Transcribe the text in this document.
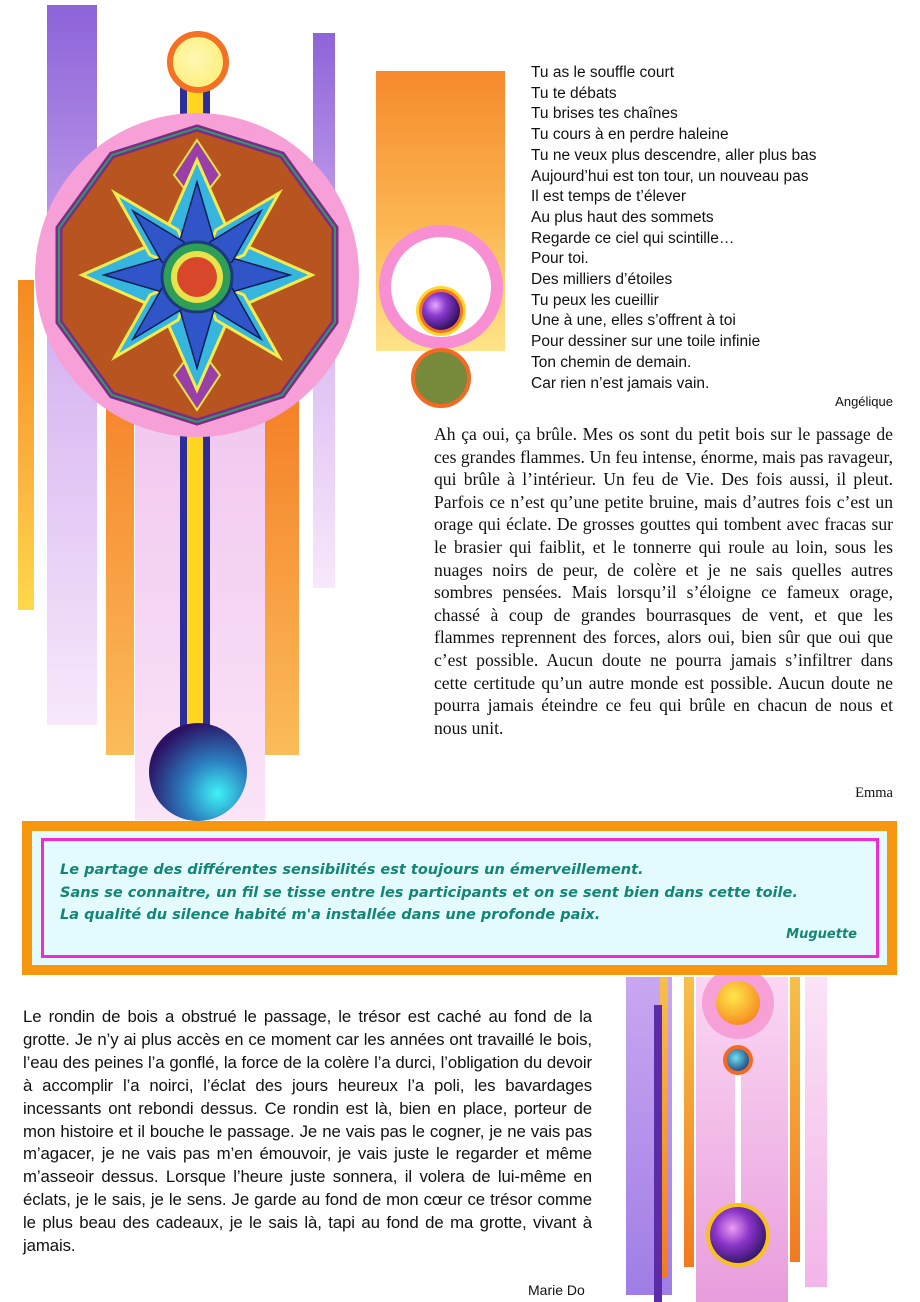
Tu as le souffle court
Tu te débats
Tu brises tes chaînes
Tu cours à en perdre haleine
Tu ne veux plus descendre, aller plus bas
Aujourd’hui est ton tour, un nouveau pas
Il est temps de t’élever
Au plus haut des sommets
Regarde ce ciel qui scintille…
Pour toi.
Des milliers d’étoiles
Tu peux les cueillir
Une à une, elles s’offrent à toi
Pour dessiner sur une toile infinie
Ton chemin de demain.
Car rien n’est jamais vain.
Angélique
Ah ça oui, ça brûle. Mes os sont du petit bois sur le passage de ces grandes flammes. Un feu intense, énorme, mais pas ravageur, qui brûle à l’intérieur. Un feu de Vie. Des fois aussi, il pleut. Parfois ce n’est qu’une petite bruine, mais d’autres fois c’est un orage qui éclate. De grosses gouttes qui tombent avec fracas sur le brasier qui faiblit, et le tonnerre qui roule au loin, sous les nuages noirs de peur, de colère et je ne sais quelles autres sombres pensées. Mais lorsqu’il s’éloigne ce fameux orage, chassé à coup de grandes bourrasques de vent, et que les flammes reprennent des forces, alors oui, bien sûr que oui que c’est possible. Aucun doute ne pourra jamais s’infiltrer dans cette certitude qu’un autre monde est possible. Aucun doute ne pourra jamais éteindre ce feu qui brûle en chacun de nous et nous unit.
Emma
Le partage des différentes sensibilités est toujours un émerveillement.
Sans se connaitre, un fil se tisse entre les participants et on se sent bien dans cette toile.
La qualité du silence habité m'a installée dans une profonde paix.
Muguette
Le rondin de bois a obstrué le passage, le trésor est caché au fond de la grotte. Je n’y ai plus accès en ce moment car les années ont travaillé le bois, l’eau des peines l’a gonflé, la force de la colère l’a durci, l’obligation du devoir à accomplir l’a noirci, l’éclat des jours heureux l’a poli, les bavardages incessants ont rebondi dessus. Ce rondin est là, bien en place, porteur de mon histoire et il bouche le passage. Je ne vais pas le cogner, je ne vais pas m’agacer, je ne vais pas m’en émouvoir, je vais juste le regarder et même m’asseoir dessus. Lorsque l’heure juste sonnera, il volera de lui-même en éclats, je le sais, je le sens. Je garde au fond de mon cœur ce trésor comme le plus beau des cadeaux, je le sais là, tapi au fond de ma grotte, vivant à jamais.
Marie Do
